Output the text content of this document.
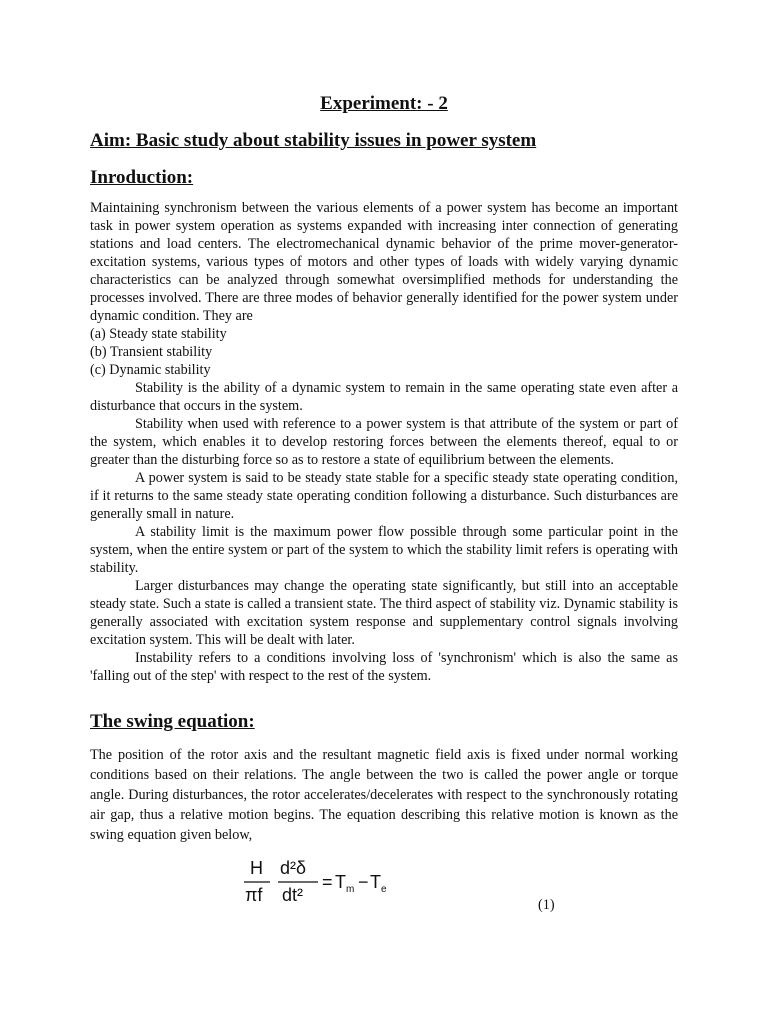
Experiment: - 2
Aim: Basic study about stability issues in power system
Inroduction:

Maintaining synchronism between the various elements of a power system has become an important task in power system operation as systems expanded with increasing inter connection of generating stations and load centers. The electromechanical dynamic behavior of the prime mover-generator-excitation systems, various types of motors and other types of loads with widely varying dynamic characteristics can be analyzed through somewhat oversimplified methods for understanding the processes involved. There are three modes of behavior generally identified for the power system under dynamic condition. They are

(a) Steady state stability

(b) Transient stability

(c) Dynamic stability

Stability is the ability of a dynamic system to remain in the same operating state even after a disturbance that occurs in the system.

Stability when used with reference to a power system is that attribute of the system or part of the system, which enables it to develop restoring forces between the elements thereof, equal to or greater than the disturbing force so as to restore a state of equilibrium between the elements.

A power system is said to be steady state stable for a specific steady state operating condition, if it returns to the same steady state operating condition following a disturbance. Such disturbances are generally small in nature.

A stability limit is the maximum power flow possible through some particular point in the system, when the entire system or part of the system to which the stability limit refers is operating with stability.

Larger disturbances may change the operating state significantly, but still into an acceptable steady state. Such a state is called a transient state. The third aspect of stability viz. Dynamic stability is generally associated with excitation system response and supplementary control signals involving excitation system. This will be dealt with later.

Instability refers to a conditions involving loss of 'synchronism' which is also the same as 'falling out of the step' with respect to the rest of the system.

The swing equation:

The position of the rotor axis and the resultant magnetic field axis is fixed under normal working conditions based on their relations. The angle between the two is called the power angle or torque angle. During disturbances, the rotor accelerates/decelerates with respect to the synchronously rotating air gap, thus a relative motion begins. The equation describing this relative motion is known as the swing equation given below,

H
πf
d²δ
dt²
= T m − T e
(1)
